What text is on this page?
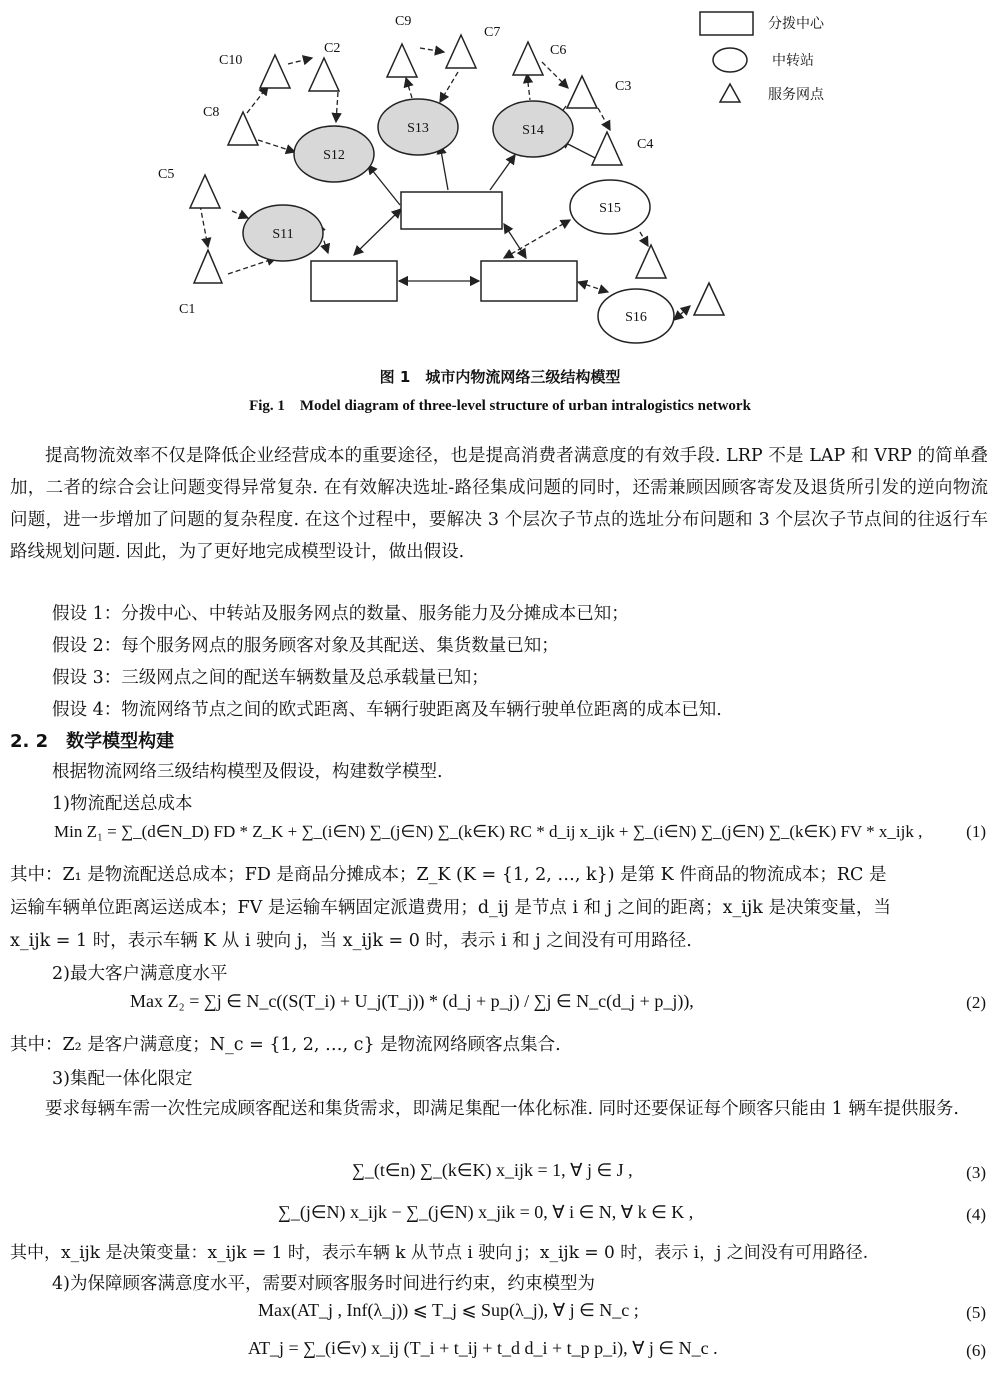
S11
S12
S13	S14
S15
S16
C1
C5
C8
C10
C2
C9
C7
C6
C3
C4
分拨中心
中转站
服务网点
图 1　城市内物流网络三级结构模型
Fig. 1　Model diagram of three-level structure of urban intralogistics network
提高物流效率不仅是降低企业经营成本的重要途径，也是提高消费者满意度的有效手段. LRP 不是 LAP 和 VRP 的简单叠加，二者的综合会让问题变得异常复杂. 在有效解决选址-路径集成问题的同时，还需兼顾因顾客寄发及退货所引发的逆向物流问题，进一步增加了问题的复杂程度. 在这个过程中，要解决 3 个层次子节点的选址分布问题和 3 个层次子节点间的往返行车路线规划问题. 因此，为了更好地完成模型设计，做出假设.
假设 1：分拨中心、中转站及服务网点的数量、服务能力及分摊成本已知；
假设 2：每个服务网点的服务顾客对象及其配送、集货数量已知；
假设 3：三级网点之间的配送车辆数量及总承载量已知；
假设 4：物流网络节点之间的欧式距离、车辆行驶距离及车辆行驶单位距离的成本已知.
2. 2　数学模型构建
根据物流网络三级结构模型及假设，构建数学模型.
1)物流配送总成本
Min Z₁ = ∑_(d∈N_D) FD * Z_K + ∑_(i∈N) ∑_(j∈N) ∑_(k∈K) RC * d_ij x_ijk + ∑_(i∈N) ∑_(j∈N) ∑_(k∈K) FV * x_ijk ,	(1)
其中：Z₁ 是物流配送总成本；FD 是商品分摊成本；Z_K (K = {1, 2, …, k}) 是第 K 件商品的物流成本；RC 是
运输车辆单位距离运送成本；FV 是运输车辆固定派遣费用；d_ij 是节点 i 和 j 之间的距离；x_ijk 是决策变量，当
x_ijk = 1 时，表示车辆 K 从 i 驶向 j，当 x_ijk = 0 时，表示 i 和 j 之间没有可用路径.
2)最大客户满意度水平
Max Z₂ = ∑j ∈ N_c((S(T_i) + U_j(T_j)) * (d_j + p_j) / ∑j ∈ N_c(d_j + p_j)),	(2)
其中：Z₂ 是客户满意度；N_c = {1, 2, …, c} 是物流网络顾客点集合.
3)集配一体化限定
要求每辆车需一次性完成顾客配送和集货需求，即满足集配一体化标准. 同时还要保证每个顾客只能由 1 辆车提供服务.
∑_(t∈n) ∑_(k∈K) x_ijk = 1, ∀ j ∈ J ,	(3)
∑_(j∈N) x_ijk − ∑_(j∈N) x_jik = 0, ∀ i ∈ N, ∀ k ∈ K ,	(4)
其中，x_ijk 是决策变量：x_ijk = 1 时，表示车辆 k 从节点 i 驶向 j；x_ijk = 0 时，表示 i，j 之间没有可用路径.
4)为保障顾客满意度水平，需要对顾客服务时间进行约束，约束模型为
Max(AT_j , Inf(λ_j)) ⩽ T_j ⩽ Sup(λ_j), ∀ j ∈ N_c ;	(5)
AT_j = ∑_(i∈v) x_ij (T_i + t_ij + t_d d_i + t_p p_i), ∀ j ∈ N_c .	(6)
